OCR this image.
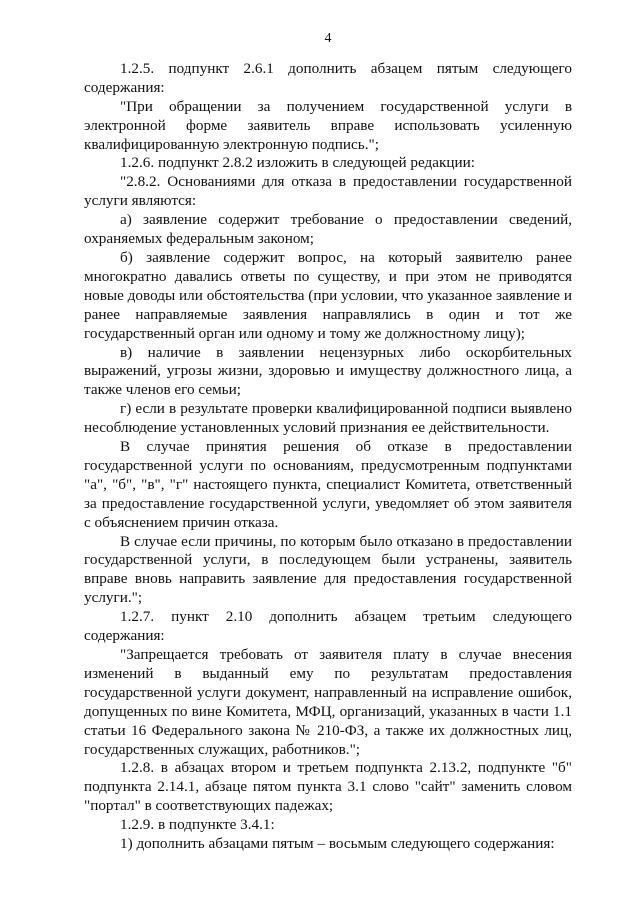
4

1.2.5. подпункт 2.6.1 дополнить абзацем пятым следующего содержания:

"При обращении за получением государственной услуги в электронной форме заявитель вправе использовать усиленную квалифицированную электронную подпись.";

1.2.6. подпункт 2.8.2 изложить в следующей редакции:

"2.8.2. Основаниями для отказа в предоставлении государственной услуги являются:

а) заявление содержит требование о предоставлении сведений, охраняемых федеральным законом;

б) заявление содержит вопрос, на который заявителю ранее многократно давались ответы по существу, и при этом не приводятся новые доводы или обстоятельства (при условии, что указанное заявление и ранее направляемые заявления направлялись в один и тот же государственный орган или одному и тому же должностному лицу);

в) наличие в заявлении нецензурных либо оскорбительных выражений, угрозы жизни, здоровью и имуществу должностного лица, а также членов его семьи;

г) если в результате проверки квалифицированной подписи выявлено несоблюдение установленных условий признания ее действительности.

В случае принятия решения об отказе в предоставлении государственной услуги по основаниям, предусмотренным подпунктами "а", "б", "в", "г" настоящего пункта, специалист Комитета, ответственный за предоставление государственной услуги, уведомляет об этом заявителя с объяснением причин отказа.

В случае если причины, по которым было отказано в предоставлении государственной услуги, в последующем были устранены, заявитель вправе вновь направить заявление для предоставления государственной услуги.";

1.2.7. пункт 2.10 дополнить абзацем третьим следующего содержания:

"Запрещается требовать от заявителя плату в случае внесения изменений в выданный ему по результатам предоставления государственной услуги документ, направленный на исправление ошибок, допущенных по вине Комитета, МФЦ, организаций, указанных в части 1.1 статьи 16 Федерального закона № 210-ФЗ, а также их должностных лиц, государственных служащих, работников.";

1.2.8. в абзацах втором и третьем подпункта 2.13.2, подпункте "б" подпункта 2.14.1, абзаце пятом пункта 3.1 слово "сайт" заменить словом "портал" в соответствующих падежах;

1.2.9. в подпункте 3.4.1:

1) дополнить абзацами пятым – восьмым следующего содержания:
